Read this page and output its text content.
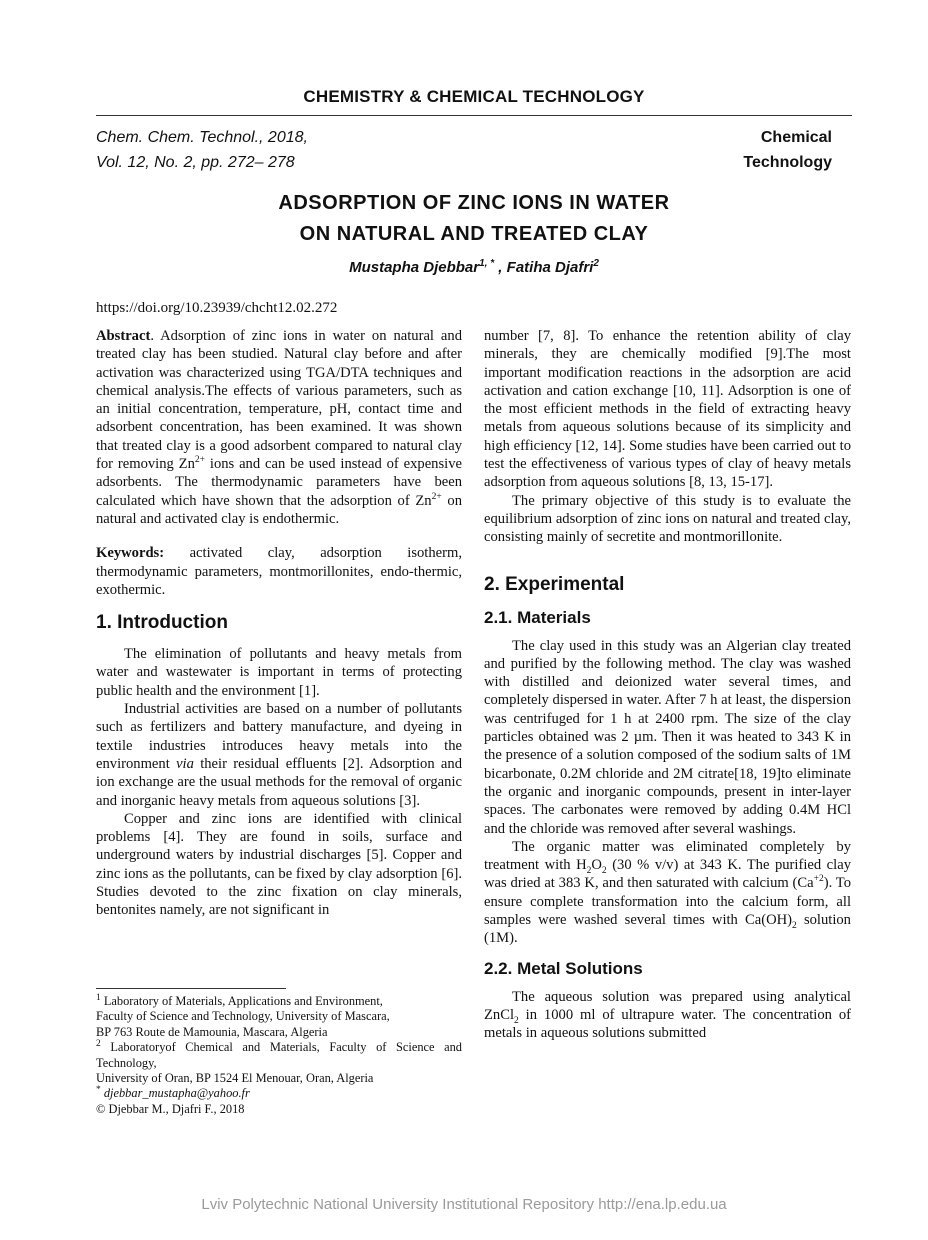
CHEMISTRY & CHEMICAL TECHNOLOGY
Chem. Chem. Technol., 2018,
Vol. 12, No. 2, pp. 272– 278
Chemical
Technology
ADSORPTION OF ZINC IONS IN WATER
ON NATURAL AND TREATED CLAY
Mustapha Djebbar$^{1, *}$ , Fatiha Djafri$^2$
https://doi.org/10.23939/chcht12.02.272

Abstract. Adsorption of zinc ions in water on natural and treated clay has been studied. Natural clay before and after activation was characterized using TGA/DTA techniques and chemical analysis.The effects of various parameters, such as an initial concentration, temperature, pH, contact time and adsorbent concentration, has been examined. It was shown that treated clay is a good adsorbent compared to natural clay for removing $Zn^{2+}$ ions and can be used instead of expensive adsorbents. The thermodynamic parameters have been calculated which have shown that the adsorption of $Zn^{2+}$ on natural and activated clay is endothermic.

Keywords: activated clay, adsorption isotherm, thermodynamic parameters, montmorillonites, endo-thermic, exothermic.

1. Introduction

The elimination of pollutants and heavy metals from water and wastewater is important in terms of protecting public health and the environment [1].

Industrial activities are based on a number of pollutants such as fertilizers and battery manufacture, and dyeing in textile industries introduces heavy metals into the environment via their residual effluents [2]. Adsorption and ion exchange are the usual methods for the removal of organic and inorganic heavy metals from aqueous solutions [3].

Copper and zinc ions are identified with clinical problems [4]. They are found in soils, surface and underground waters by industrial discharges [5]. Copper and zinc ions as the pollutants, can be fixed by clay adsorption [6]. Studies devoted to the zinc fixation on clay minerals, bentonites namely, are not significant in

number [7, 8]. To enhance the retention ability of clay minerals, they are chemically modified [9].The most important modification reactions in the adsorption are acid activation and cation exchange [10, 11]. Adsorption is one of the most efficient methods in the field of extracting heavy metals from aqueous solutions because of its simplicity and high efficiency [12, 14]. Some studies have been carried out to test the effectiveness of various types of clay of heavy metals adsorption from aqueous solutions [8, 13, 15-17].

The primary objective of this study is to evaluate the equilibrium adsorption of zinc ions on natural and treated clay, consisting mainly of secretite and montmorillonite.

2. Experimental
2.1. Materials

The clay used in this study was an Algerian clay treated and purified by the following method. The clay was washed with distilled and deionized water several times, and completely dispersed in water. After 7 h at least, the dispersion was centrifuged for 1 h at 2400 rpm. The size of the clay particles obtained was 2 µm. Then it was heated to 343 K in the presence of a solution composed of the sodium salts of 1M bicarbonate, 0.2M chloride and 2M citrate[18, 19]to eliminate the organic and inorganic compounds, present in inter-layer spaces. The carbonates were removed by adding 0.4M HCl and the chloride was removed after several washings.

The organic matter was eliminated completely by treatment with $H_2O_2$ (30 % v/v) at 343 K. The purified clay was dried at 383 K, and then saturated with calcium $(Ca^{+2})$. To ensure complete transformation into the calcium form, all samples were washed several times with $Ca(OH)_2$ solution (1M).

2.2. Metal Solutions

The aqueous solution was prepared using analytical ZnCl$_2$ in 1000 ml of ultrapure water. The concentration of metals in aqueous solutions submitted

$^1$ Laboratory of Materials, Applications and Environment,
Faculty of Science and Technology, University of Mascara,
BP 763 Route de Mamounia, Mascara, Algeria
$^2$ Laboratoryof Chemical and Materials, Faculty of Science and Technology,
University of Oran, BP 1524 El Menouar, Oran, Algeria
* djebbar_mustapha@yahoo.fr
© Djebbar M., Djafri F., 2018
Lviv Polytechnic National University Institutional Repository http://ena.lp.edu.ua
